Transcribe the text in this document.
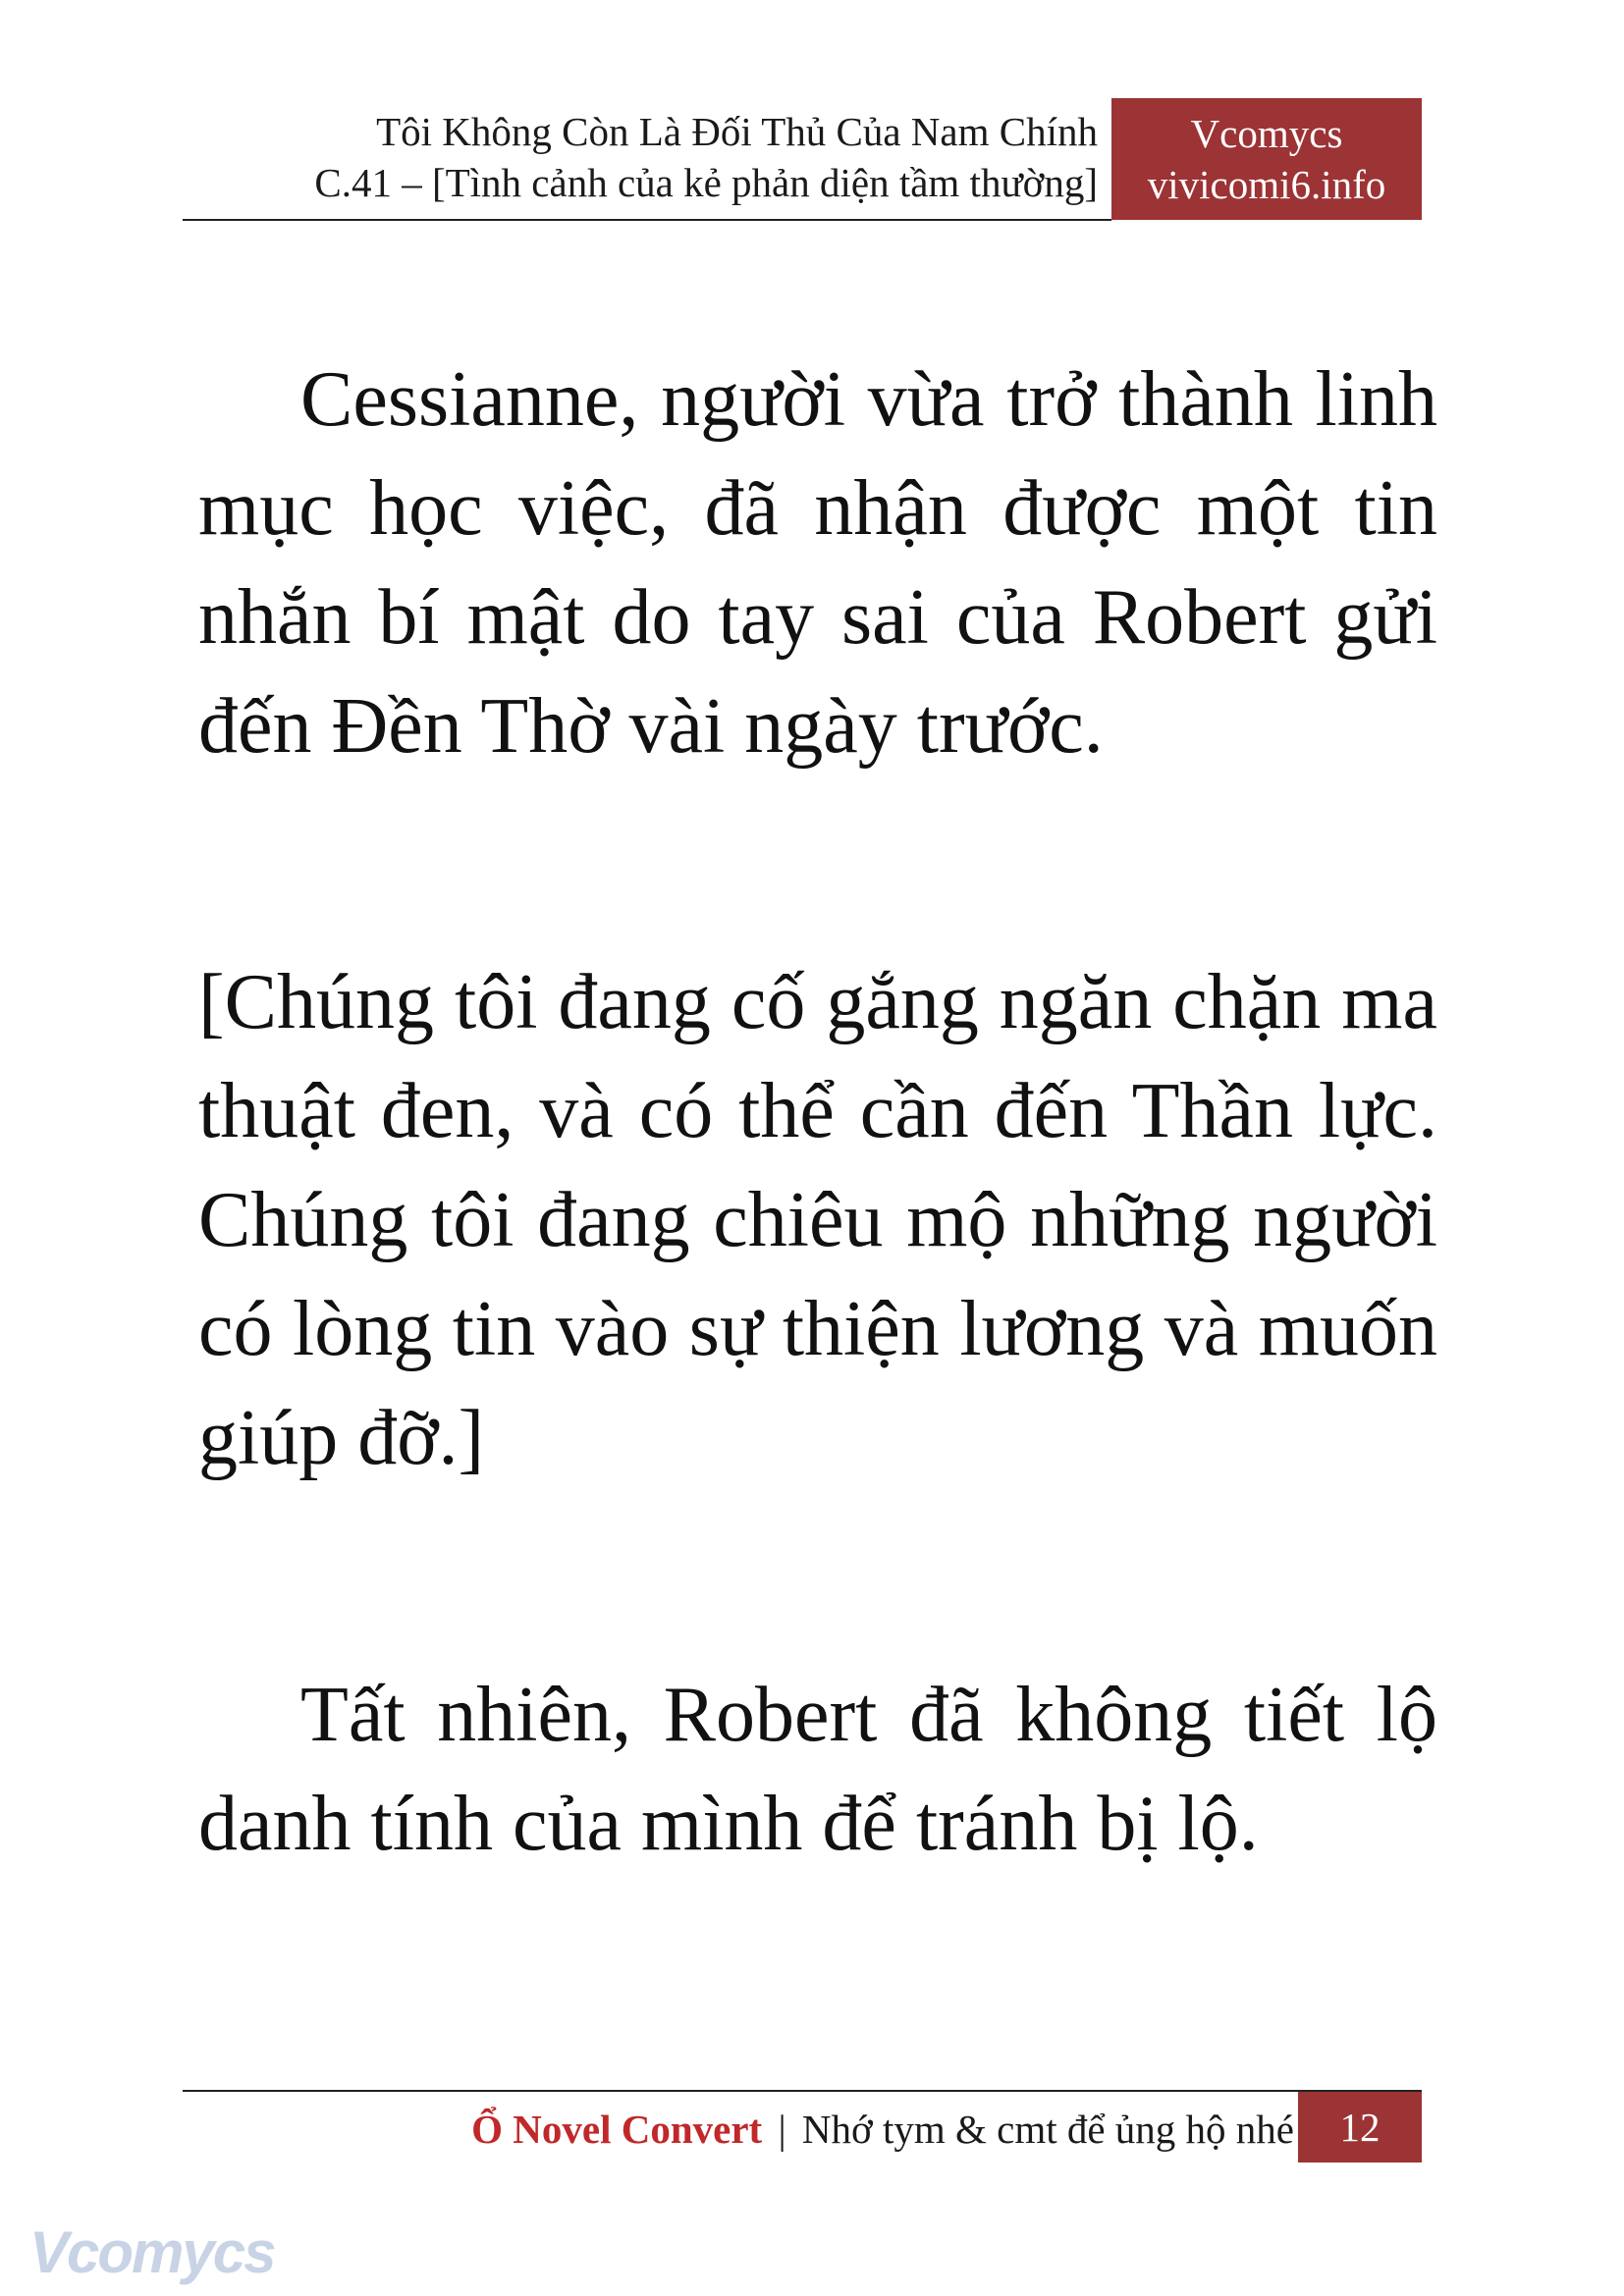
Tôi Không Còn Là Đối Thủ Của Nam Chính
C.41 – [Tình cảnh của kẻ phản diện tầm thường]
Vcomycs
vivicomi6.info

Cessianne, người vừa trở thành linh mục học việc, đã nhận được một tin nhắn bí mật do tay sai của Robert gửi đến Đền Thờ vài ngày trước.

[Chúng tôi đang cố gắng ngăn chặn ma thuật đen, và có thể cần đến Thần lực. Chúng tôi đang chiêu mộ những người có lòng tin vào sự thiện lương và muốn giúp đỡ.]

Tất nhiên, Robert đã không tiết lộ danh tính của mình để tránh bị lộ.

Ổ Novel Convert | Nhớ tym & cmt để ủng hộ nhé	12
Vcomycs
